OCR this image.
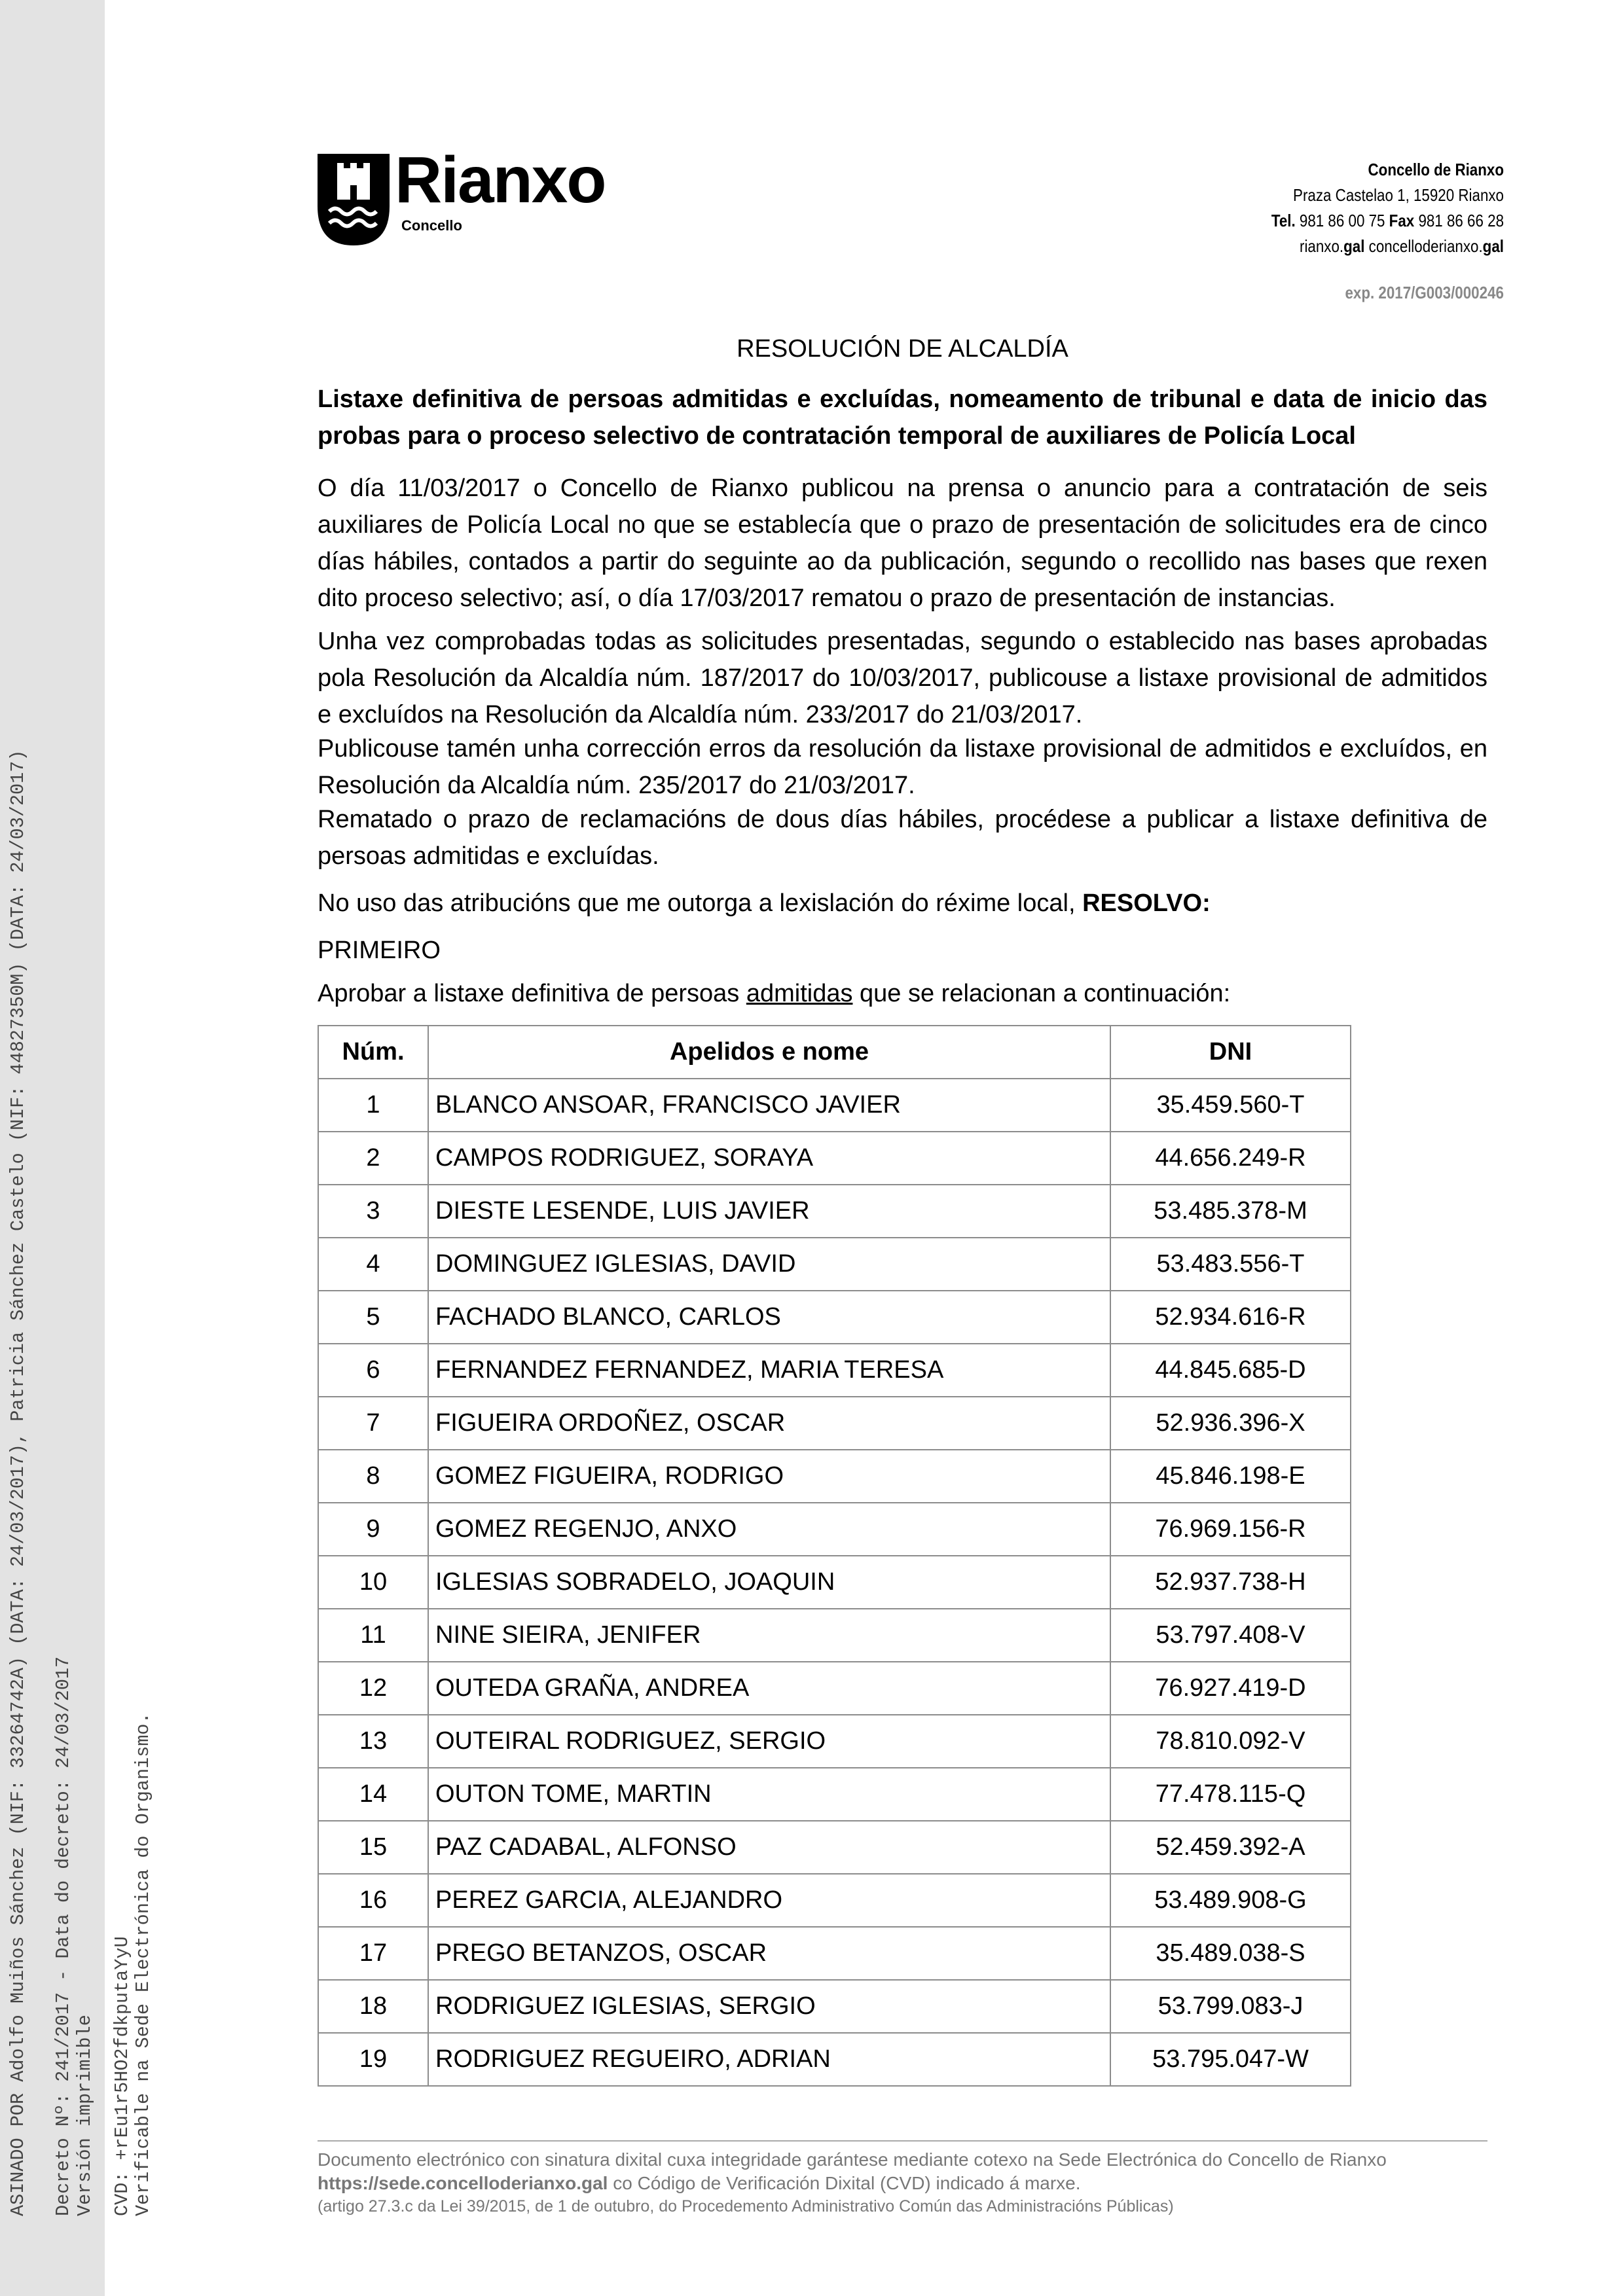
ASINADO POR Adolfo Muiños Sánchez (NIF: 33264742A) (DATA: 24/03/2017), Patricia Sánchez Castelo (NIF: 44827350M) (DATA: 24/03/2017) Decreto Nº: 241/2017 - Data do decreto: 24/03/2017 Versión imprimible CVD: +rEu1r5HO2fdkputaYyU Verificable na Sede Electrónica do Organismo.
Rianxo
Concello
Concello de Rianxo
Praza Castelao 1, 15920 Rianxo
Tel. 981 86 00 75 Fax 981 86 66 28
rianxo.gal concelloderianxo.gal
exp. 2017/G003/000246
RESOLUCIÓN DE ALCALDÍA
Listaxe definitiva de persoas admitidas e excluídas, nomeamento de tribunal e data de inicio das probas para o proceso selectivo de contratación temporal de auxiliares de Policía Local
O día 11/03/2017 o Concello de Rianxo publicou na prensa o anuncio para a contratación de seis auxiliares de Policía Local no que se establecía que o prazo de presentación de solicitudes era de cinco días hábiles, contados a partir do seguinte ao da publicación, segundo o recollido nas bases que rexen dito proceso selectivo; así, o día 17/03/2017 rematou o prazo de presentación de instancias.
Unha vez comprobadas todas as solicitudes presentadas, segundo o establecido nas bases aprobadas pola Resolución da Alcaldía núm. 187/2017 do 10/03/2017, publicouse a listaxe provisional de admitidos e excluídos na Resolución da Alcaldía núm. 233/2017 do 21/03/2017.
Publicouse tamén unha corrección erros da resolución da listaxe provisional de admitidos e excluídos, en Resolución da Alcaldía núm. 235/2017 do 21/03/2017.
Rematado o prazo de reclamacións de dous días hábiles, procédese a publicar a listaxe definitiva de persoas admitidas e excluídas.
No uso das atribucións que me outorga a lexislación do réxime local, RESOLVO:
PRIMEIRO
Aprobar a listaxe definitiva de persoas admitidas que se relacionan a continuación:
Núm.	Apelidos e nome	DNI
1	BLANCO ANSOAR, FRANCISCO JAVIER	35.459.560-T
2	CAMPOS RODRIGUEZ, SORAYA	44.656.249-R
3	DIESTE LESENDE, LUIS JAVIER	53.485.378-M
4	DOMINGUEZ IGLESIAS, DAVID	53.483.556-T
5	FACHADO BLANCO, CARLOS	52.934.616-R
6	FERNANDEZ FERNANDEZ, MARIA TERESA	44.845.685-D
7	FIGUEIRA ORDOÑEZ, OSCAR	52.936.396-X
8	GOMEZ FIGUEIRA, RODRIGO	45.846.198-E
9	GOMEZ REGENJO, ANXO	76.969.156-R
10	IGLESIAS SOBRADELO, JOAQUIN	52.937.738-H
11	NINE SIEIRA, JENIFER	53.797.408-V
12	OUTEDA GRAÑA, ANDREA	76.927.419-D
13	OUTEIRAL RODRIGUEZ, SERGIO	78.810.092-V
14	OUTON TOME, MARTIN	77.478.115-Q
15	PAZ CADABAL, ALFONSO	52.459.392-A
16	PEREZ GARCIA, ALEJANDRO	53.489.908-G
17	PREGO BETANZOS, OSCAR	35.489.038-S
18	RODRIGUEZ IGLESIAS, SERGIO	53.799.083-J
19	RODRIGUEZ REGUEIRO, ADRIAN	53.795.047-W
Documento electrónico con sinatura dixital cuxa integridade garántese mediante cotexo na Sede Electrónica do Concello de Rianxo
https://sede.concelloderianxo.gal co Código de Verificación Dixital (CVD) indicado á marxe.
(artigo 27.3.c da Lei 39/2015, de 1 de outubro, do Procedemento Administrativo Común das Administracións Públicas)
